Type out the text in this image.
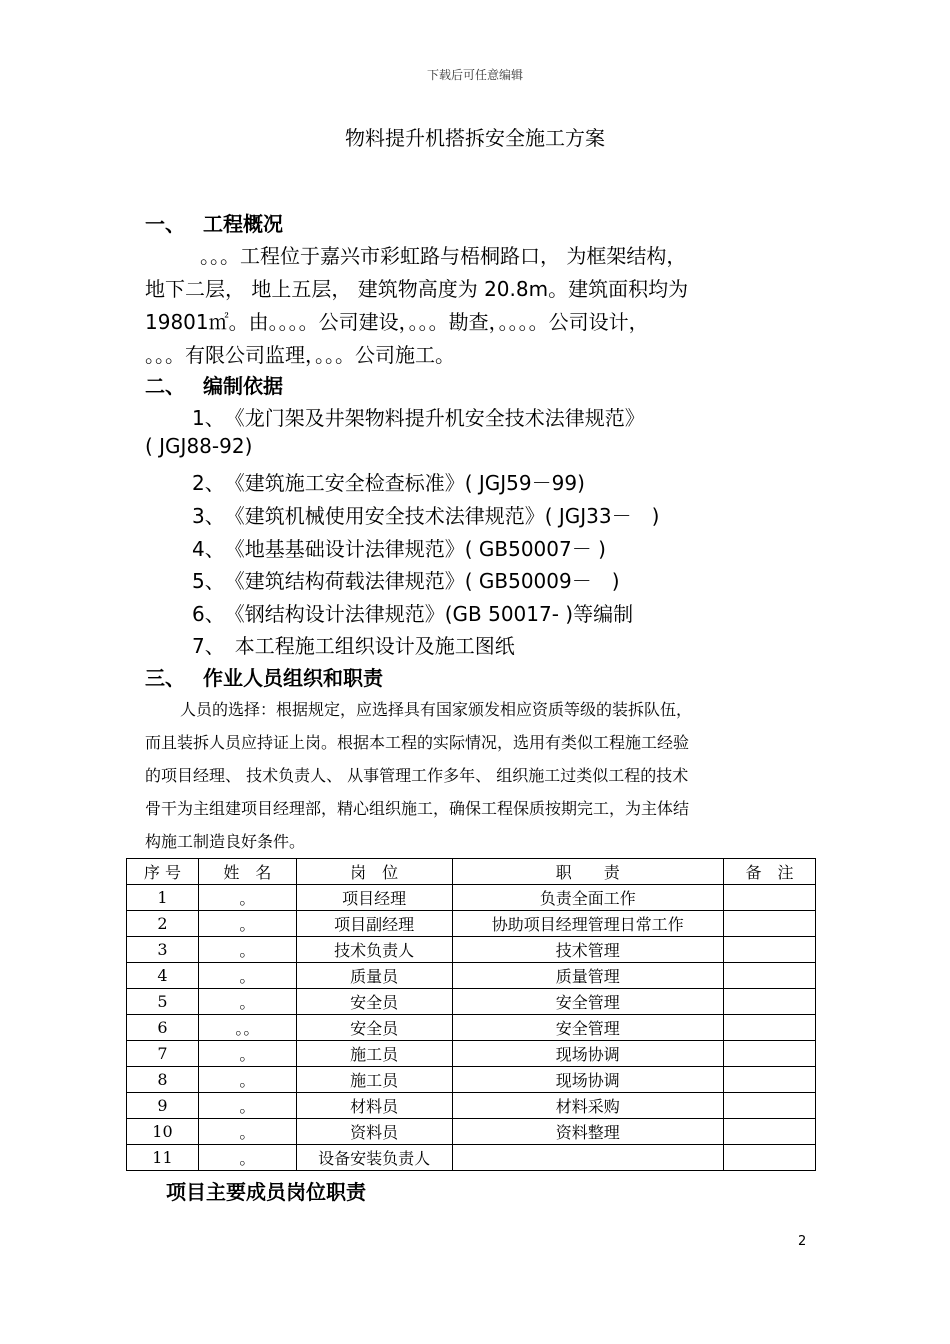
下载后可任意编辑
物料提升机搭拆安全施工方案
一、 工程概况
。。。工程位于嘉兴市彩虹路与梧桐路口， 为框架结构，
地下二层， 地上五层， 建筑物高度为 20.8m。建筑面积均为
19801㎡。由。。。。公司建设，。。。勘查，。。。。公司设计，
。。。有限公司监理，。。。公司施工。
二、 编制依据
1、　《龙门架及井架物料提升机安全技术法律规范》
( JGJ88-92)
2、　《建筑施工安全检查标准》( JGJ59－99)
3、　《建筑机械使用安全技术法律规范》( JGJ33－　)
4、　《地基基础设计法律规范》( GB50007－ )
5、　《建筑结构荷载法律规范》( GB50009－　)
6、　《钢结构设计法律规范》(GB 50017- )等编制
7、　本工程施工组织设计及施工图纸
三、 作业人员组织和职责
人员的选择：根据规定，应选择具有国家颁发相应资质等级的装拆队伍，
而且装拆人员应持证上岗。根据本工程的实际情况，选用有类似工程施工经验
的项目经理、 技术负责人、 从事管理工作多年、 组织施工过类似工程的技术
骨干为主组建项目经理部，精心组织施工，确保工程保质按期完工，为主体结
构施工制造良好条件。
序 号	姓　名	岗　位	职　　责	备　注
1	。	项目经理	负责全面工作	
2	。	项目副经理	协助项目经理管理日常工作	
3	。	技术负责人	技术管理	
4	。	质量员	质量管理	
5	。	安全员	安全管理	
6	。。	安全员	安全管理	
7	。	施工员	现场协调	
8	。	施工员	现场协调	
9	。	材料员	材料采购	
10	。	资料员	资料整理	
11	。	设备安装负责人		
项目主要成员岗位职责
2
